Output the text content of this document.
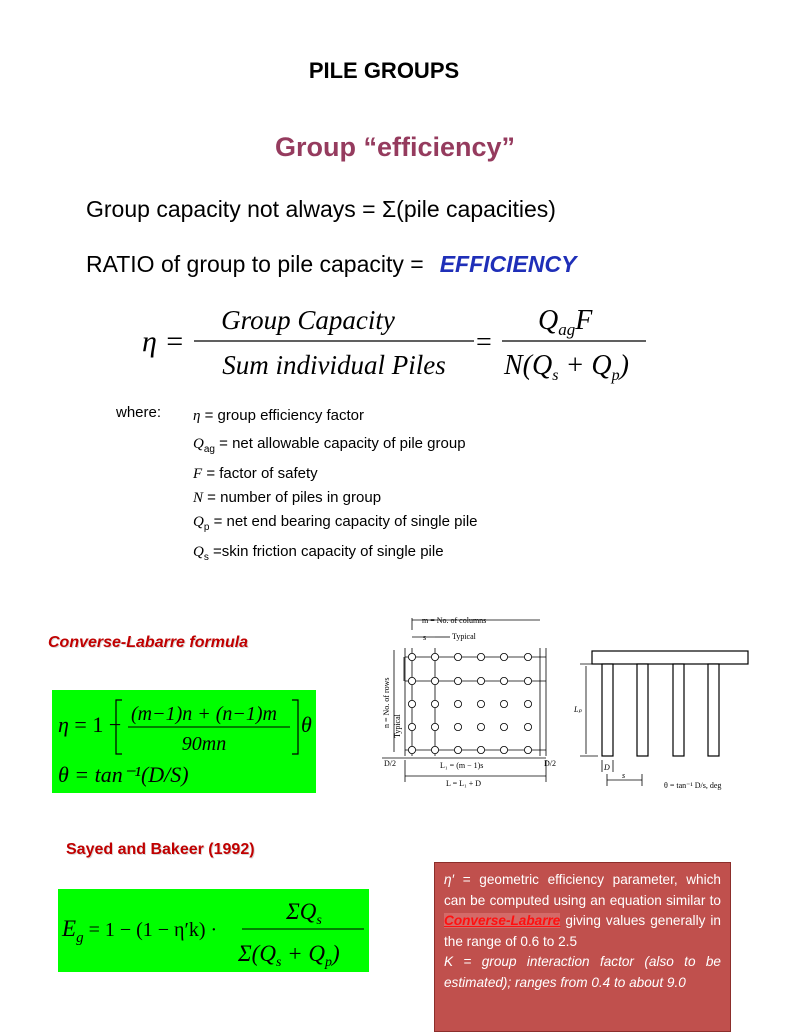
PILE GROUPS
Group “efficiency”
Group capacity not always = Σ(pile capacities)
RATIO of group to pile capacity = EFFICIENCY
η =
Group Capacity
Sum individual Piles
=
$Q_{ag}F$
$N(Q_s + Q_p)$
where: η = group efficiency factor
$Q_{ag}$ = net allowable capacity of pile group
F = factor of safety
N = number of piles in group
$Q_p$ = net end bearing capacity of single pile
$Q_s$ =skin friction capacity of single pile
Converse-Labarre formula
η = 1 − (m−1)n + (n−1)m
90mn
θ
θ = tan⁻¹(D/S)
Sayed and Bakeer (1992)
$E_g = 1 - (1 - \eta'k)$ ·
$\Sigma Q_s$
$\Sigma(Q_s + Q_p)$
m = No. of columns
Typical
s
n = No. of rows Typical
D/2	D/2
L₁ = (m − 1)s
L = L₁ + D
Lₚ
D
s
θ = tan⁻¹ D/s, deg
η′ = geometric efficiency parameter, which can be computed using an equation similar to Converse-Labarre giving values generally in the range of 0.6 to 2.5
K = group interaction factor (also to be estimated); ranges from 0.4 to about 9.0
